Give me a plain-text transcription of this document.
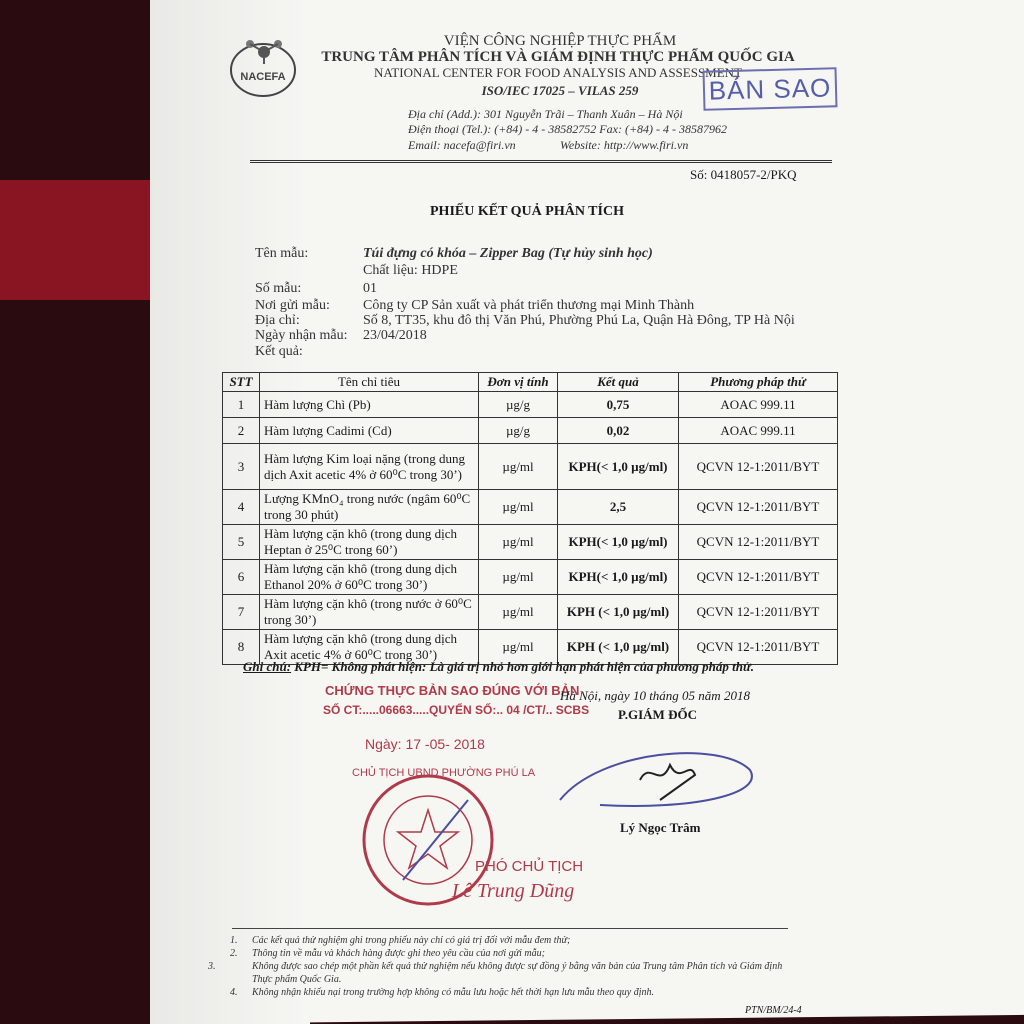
NACEFA
VIỆN CÔNG NGHIỆP THỰC PHẨM
TRUNG TÂM PHÂN TÍCH VÀ GIÁM ĐỊNH THỰC PHẨM QUỐC GIA
NATIONAL CENTER FOR FOOD ANALYSIS AND ASSESSMENT
ISO/IEC 17025 – VILAS 259	BẢN SAO
Địa chỉ (Add.): 301 Nguyễn Trãi – Thanh Xuân – Hà Nội
Điện thoại (Tel.): (+84) - 4 - 38582752 Fax: (+84) - 4 - 38587962
Email: nacefa@firi.vn	Website: http://www.firi.vn
Số: 0418057-2/PKQ
PHIẾU KẾT QUẢ PHÂN TÍCH
Tên mẫu:	Túi đựng có khóa – Zipper Bag (Tự hủy sinh học)
Chất liệu: HDPE
Số mẫu:	01
Nơi gửi mẫu: Công ty CP Sản xuất và phát triển thương mại Minh Thành
Địa chỉ:	Số 8, TT35, khu đô thị Văn Phú, Phường Phú La, Quận Hà Đông, TP Hà Nội
Ngày nhận mẫu: 23/04/2018
Kết quả:
STT	Tên chỉ tiêu	Đơn vị tính	Kết quả	Phương pháp thử
1	Hàm lượng Chì (Pb)	µg/g	0,75	AOAC 999.11
2	Hàm lượng Cadimi (Cd)	µg/g	0,02	AOAC 999.11
3	Hàm lượng Kim loại nặng (trong dung dịch Axit acetic 4% ở 60⁰C trong 30’)	µg/ml	KPH(< 1,0 µg/ml)	QCVN 12-1:2011/BYT
4	Lượng KMnO₄ trong nước (ngâm 60⁰C trong 30 phút)	µg/ml	2,5	QCVN 12-1:2011/BYT
5	Hàm lượng cặn khô (trong dung dịch Heptan ở 25⁰C trong 60’)	µg/ml	KPH(< 1,0 µg/ml)	QCVN 12-1:2011/BYT
6	Hàm lượng cặn khô (trong dung dịch Ethanol 20% ở 60⁰C trong 30’)	µg/ml	KPH(< 1,0 µg/ml)	QCVN 12-1:2011/BYT
7	Hàm lượng cặn khô (trong nước ở 60⁰C trong 30’)	µg/ml	KPH (< 1,0 µg/ml)	QCVN 12-1:2011/BYT
8	Hàm lượng cặn khô (trong dung dịch Axit acetic 4% ở 60⁰C trong 30’)	µg/ml	KPH (< 1,0 µg/ml)	QCVN 12-1:2011/BYT
Ghi chú: KPH= Không phát hiện: Là giá trị nhỏ hơn giới hạn phát hiện của phương pháp thử.
CHỨNG THỰC BẢN SAO ĐÚNG VỚI BẢN
SỐ CT:.....06663.....QUYỂN SỐ:.. 04 /CT/.. SCBS
Ngày: 17 -05- 2018
CHỦ TỊCH UBND PHƯỜNG PHÚ LA
Hà Nội, ngày 10 tháng 05 năm 2018
P.GIÁM ĐỐC
Lý Ngọc Trâm
PHÓ CHỦ TỊCH
Lê Trung Dũng
1. Các kết quả thử nghiệm ghi trong phiếu này chỉ có giá trị đối với mẫu đem thử;
2. Thông tin về mẫu và khách hàng được ghi theo yêu cầu của nơi gửi mẫu;
3.	Không được sao chép một phần kết quả thử nghiệm nếu không được sự đồng ý bằng văn bản của Trung tâm Phân tích và Giám định Thực phẩm Quốc Gia.
4. Không nhận khiếu nại trong trường hợp không có mẫu lưu hoặc hết thời hạn lưu mẫu theo quy định.
PTN/BM/24-4
